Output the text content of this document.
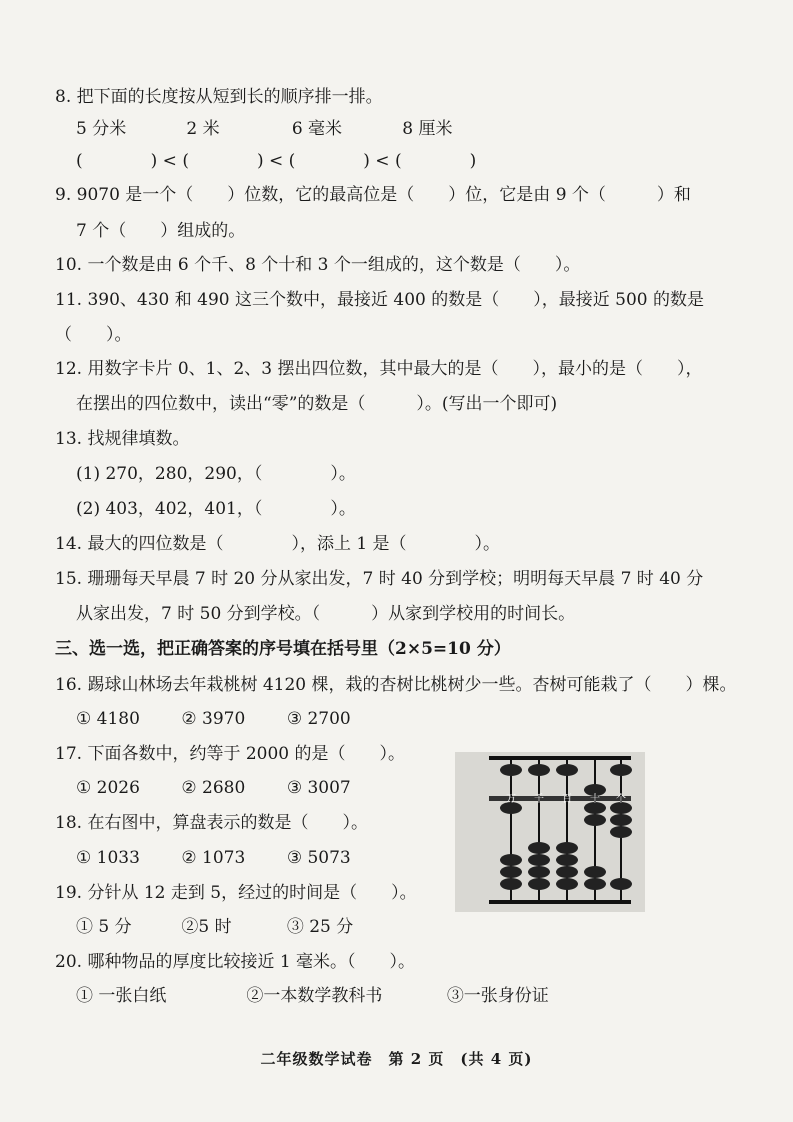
8. 把下面的长度按从短到长的顺序排一排。
5 分米	2 米	6 毫米	8 厘米
(　　　　) < (　　　　) < (　　　　) < (　　　　)
9. 9070 是一个（　　）位数，它的最高位是（　　）位，它是由 9 个（　　　）和
7 个（　　）组成的。
10. 一个数是由 6 个千、8 个十和 3 个一组成的，这个数是（　　）。
11. 390、430 和 490 这三个数中，最接近 400 的数是（　　），最接近 500 的数是
（　　）。
12. 用数字卡片 0、1、2、3 摆出四位数，其中最大的是（　　），最小的是（　　），
在摆出的四位数中，读出“零”的数是（　　　）。(写出一个即可)
13. 找规律填数。
(1) 270，280，290，（　　　　）。
(2) 403，402，401，（　　　　）。
14. 最大的四位数是（　　　　），添上 1 是（　　　　）。
15. 珊珊每天早晨 7 时 20 分从家出发，7 时 40 分到学校；明明每天早晨 7 时 40 分
从家出发，7 时 50 分到学校。（　　　）从家到学校用的时间长。
三、选一选，把正确答案的序号填在括号里（2×5=10 分）
16. 踢球山林场去年栽桃树 4120 棵，栽的杏树比桃树少一些。杏树可能栽了（　　）棵。
① 4180 ② 3970 ③ 2700
17. 下面各数中，约等于 2000 的是（　　）。
① 2026 ② 2680 ③ 3007
18. 在右图中，算盘表示的数是（　　）。
① 1033 ② 1073 ③ 5073
19. 分针从 12 走到 5，经过的时间是（　　）。
① 5 分	②5 时	③ 25 分
20. 哪种物品的厚度比较接近 1 毫米。（　　）。
① 一张白纸	②一本数学教科书	③一张身份证
万 千 百 十 个
二年级数学试卷　第 2 页　(共 4 页)
